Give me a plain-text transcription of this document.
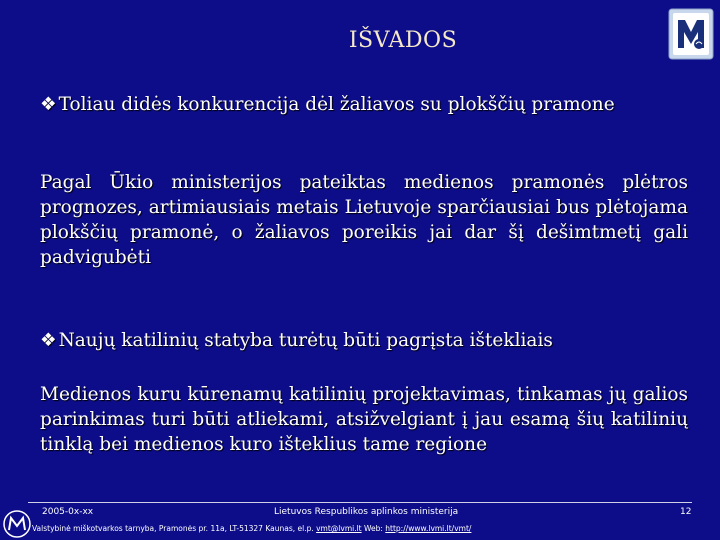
IŠVADOS
❖ Toliau didės konkurencija dėl žaliavos su plokščių pramone
Pagal Ūkio ministerijos pateiktas medienos pramonės plėtros prognozes, artimiausiais metais Lietuvoje sparčiausiai bus plėtojama plokščių pramonė, o žaliavos poreikis jai dar šį dešimtmetį gali padvigubėti
❖ Naujų katilinių statyba turėtų būti pagrįsta ištekliais
Medienos kuru kūrenamų katilinių projektavimas, tinkamas jų galios parinkimas turi būti atliekami, atsižvelgiant į jau esamą šių katilinių tinklą bei medienos kuro išteklius tame regione
2005-0x-xx	Lietuvos Respublikos aplinkos ministerija	12
Valstybinė miškotvarkos tarnyba, Pramonės pr. 11a, LT-51327 Kaunas, el.p. vmt@lvmi.lt Web: http://www.lvmi.lt/vmt/
